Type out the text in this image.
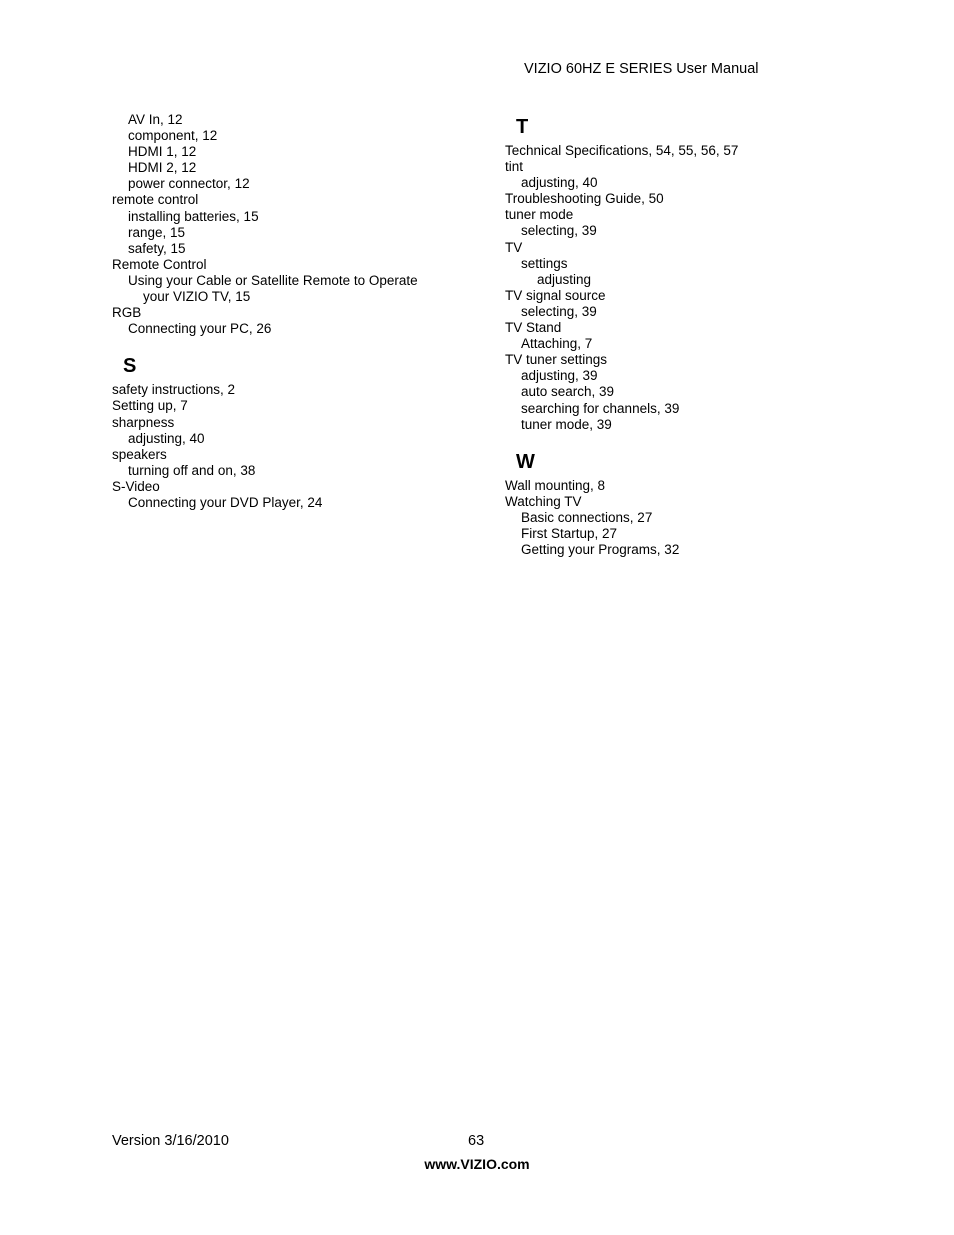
VIZIO 60HZ E SERIES User Manual
AV In, 12
component, 12
HDMI 1, 12
HDMI 2, 12
power connector, 12
remote control
installing batteries, 15
range, 15
safety, 15
Remote Control
Using your Cable or Satellite Remote to Operate
your VIZIO TV, 15
RGB
Connecting your PC, 26
S
safety instructions, 2
Setting up, 7
sharpness
adjusting, 40
speakers
turning off and on, 38
S-Video
Connecting your DVD Player, 24
T
Technical Specifications, 54, 55, 56, 57
tint
adjusting, 40
Troubleshooting Guide, 50
tuner mode
selecting, 39
TV
settings
adjusting
TV signal source
selecting, 39
TV Stand
Attaching, 7
TV tuner settings
adjusting, 39
auto search, 39
searching for channels, 39
tuner mode, 39
W
Wall mounting, 8
Watching TV
Basic connections, 27
First Startup, 27
Getting your Programs, 32
Version 3/16/2010	63
www.VIZIO.com
